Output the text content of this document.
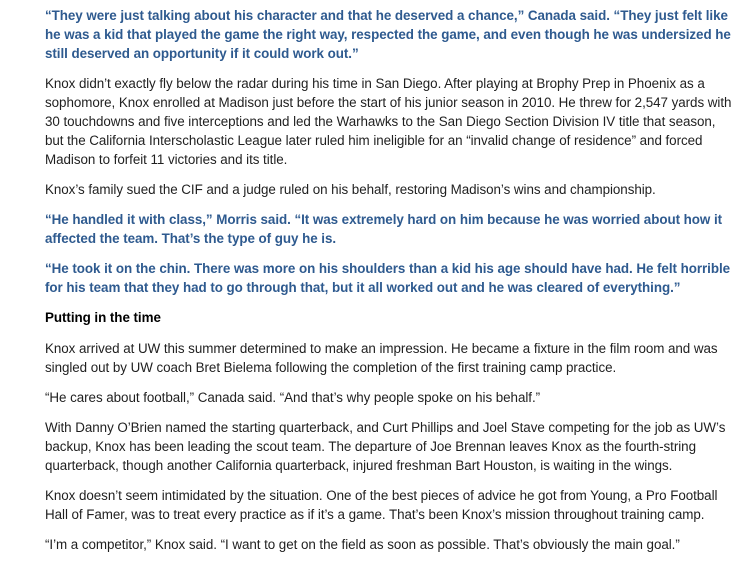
“They were just talking about his character and that he deserved a chance,” Canada said. “They just felt like he was a kid that played the game the right way, respected the game, and even though he was undersized he still deserved an opportunity if it could work out.”

Knox didn’t exactly fly below the radar during his time in San Diego. After playing at Brophy Prep in Phoenix as a sophomore, Knox enrolled at Madison just before the start of his junior season in 2010. He threw for 2,547 yards with 30 touchdowns and five interceptions and led the Warhawks to the San Diego Section Division IV title that season, but the California Interscholastic League later ruled him ineligible for an “invalid change of residence” and forced Madison to forfeit 11 victories and its title.

Knox’s family sued the CIF and a judge ruled on his behalf, restoring Madison’s wins and championship.

“He handled it with class,” Morris said. “It was extremely hard on him because he was worried about how it affected the team. That’s the type of guy he is.

“He took it on the chin. There was more on his shoulders than a kid his age should have had. He felt horrible for his team that they had to go through that, but it all worked out and he was cleared of everything.”

Putting in the time

Knox arrived at UW this summer determined to make an impression. He became a fixture in the film room and was singled out by UW coach Bret Bielema following the completion of the first training camp practice.

“He cares about football,” Canada said. “And that’s why people spoke on his behalf.”

With Danny O’Brien named the starting quarterback, and Curt Phillips and Joel Stave competing for the job as UW’s backup, Knox has been leading the scout team. The departure of Joe Brennan leaves Knox as the fourth-string quarterback, though another California quarterback, injured freshman Bart Houston, is waiting in the wings.

Knox doesn’t seem intimidated by the situation. One of the best pieces of advice he got from Young, a Pro Football Hall of Famer, was to treat every practice as if it’s a game. That’s been Knox’s mission throughout training camp.

“I’m a competitor,” Knox said. “I want to get on the field as soon as possible. That’s obviously the main goal.”
